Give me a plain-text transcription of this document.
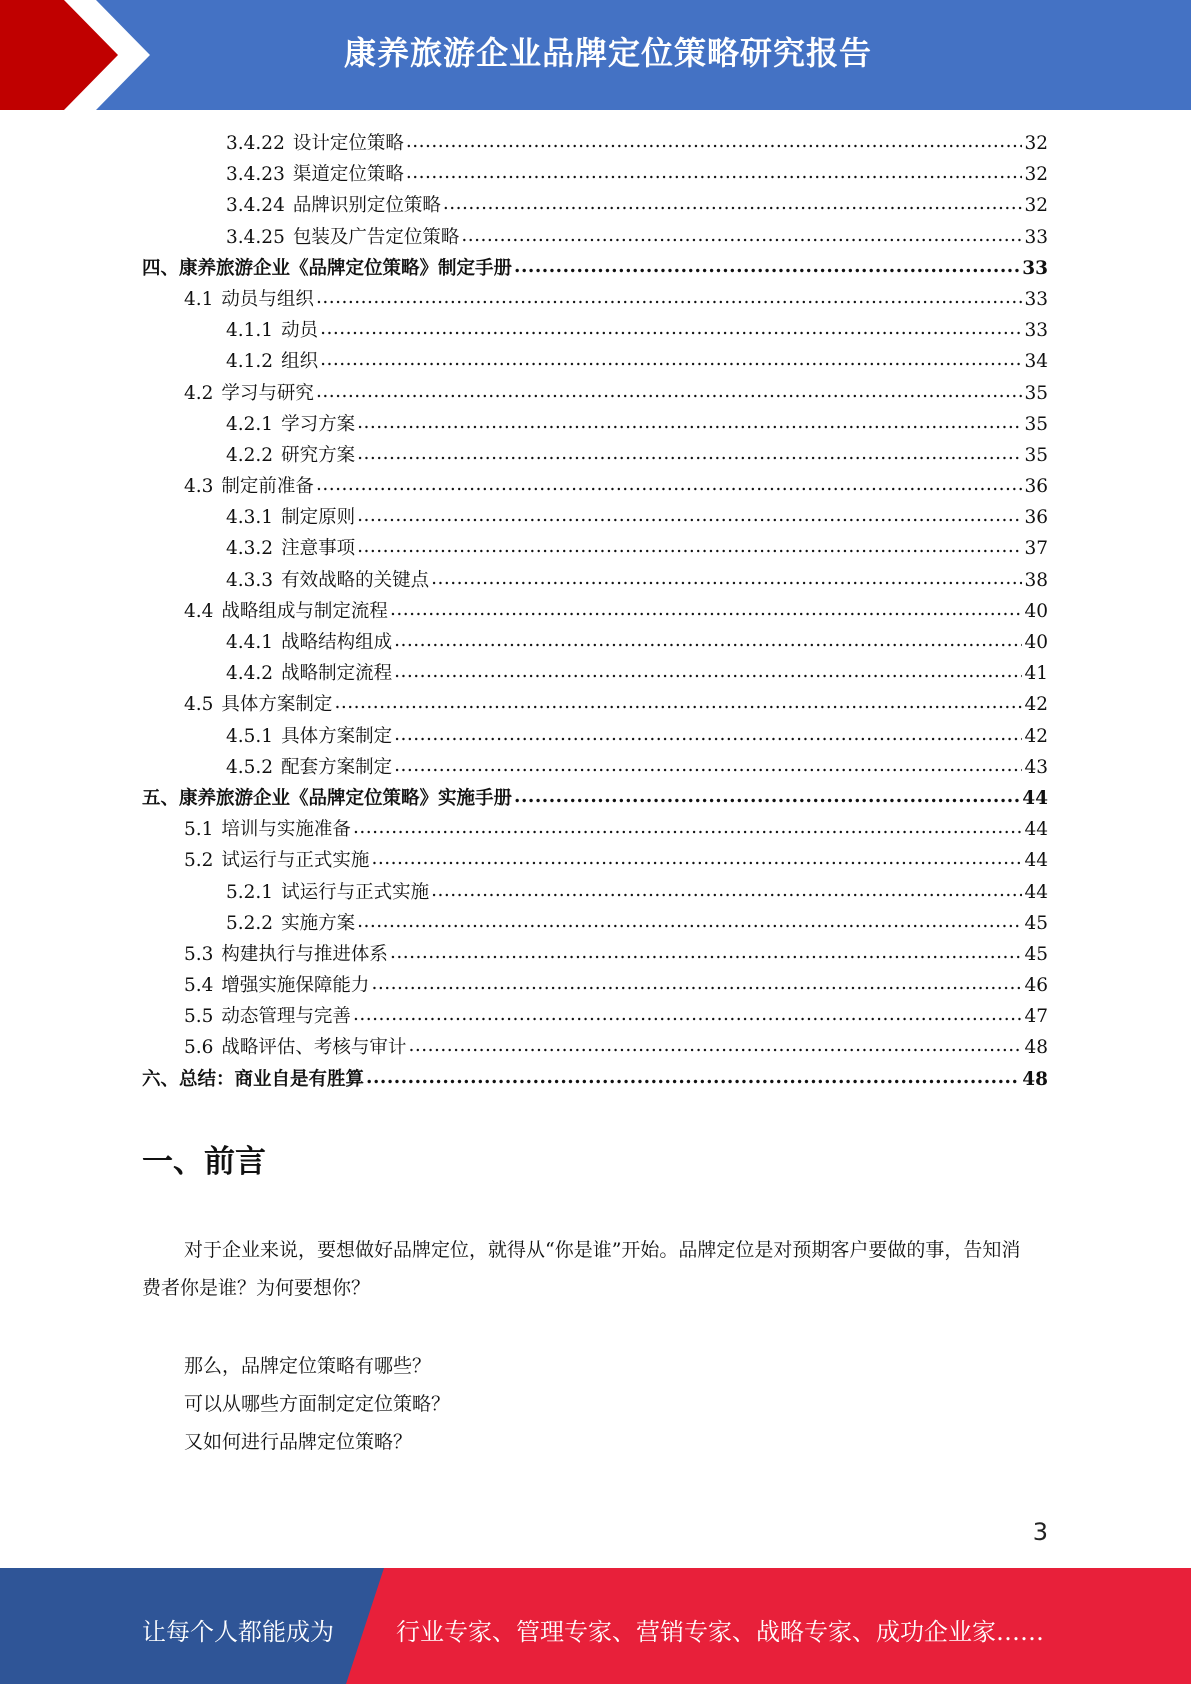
康养旅游企业品牌定位策略研究报告
3.4.22 设计定位策略 .....	32
3.4.23 渠道定位策略 .....	32
3.4.24 品牌识别定位策略 .....	32
3.4.25 包装及广告定位策略 .....	33
四、康养旅游企业《品牌定位策略》制定手册 .....	33
4.1 动员与组织 .....	33
4.1.1 动员 .....	33
4.1.2 组织 .....	34
4.2 学习与研究 .....	35
4.2.1 学习方案 .....	35
4.2.2 研究方案 .....	35
4.3 制定前准备 .....	36
4.3.1 制定原则 .....	36
4.3.2 注意事项 .....	37
4.3.3 有效战略的关键点 .....	38
4.4 战略组成与制定流程 .....	40
4.4.1 战略结构组成 .....	40
4.4.2 战略制定流程 .....	41
4.5 具体方案制定 .....	42
4.5.1 具体方案制定 .....	42
4.5.2 配套方案制定 .....	43
五、康养旅游企业《品牌定位策略》实施手册 .....	44
5.1 培训与实施准备 .....	44
5.2 试运行与正式实施 .....	44
5.2.1 试运行与正式实施 .....	44
5.2.2 实施方案 .....	45
5.3 构建执行与推进体系 .....	45
5.4 增强实施保障能力 .....	46
5.5 动态管理与完善 .....	47
5.6 战略评估、考核与审计 .....	48
六、总结：商业自是有胜算 .....	48
一、前言
对于企业来说，要想做好品牌定位，就得从“你是谁”开始。品牌定位是对预期客户要做的事，告知消费者你是谁？为何要想你？
那么，品牌定位策略有哪些？
可以从哪些方面制定定位策略？
又如何进行品牌定位策略？
3
让每个人都能成为	行业专家、管理专家、营销专家、战略专家、成功企业家……
